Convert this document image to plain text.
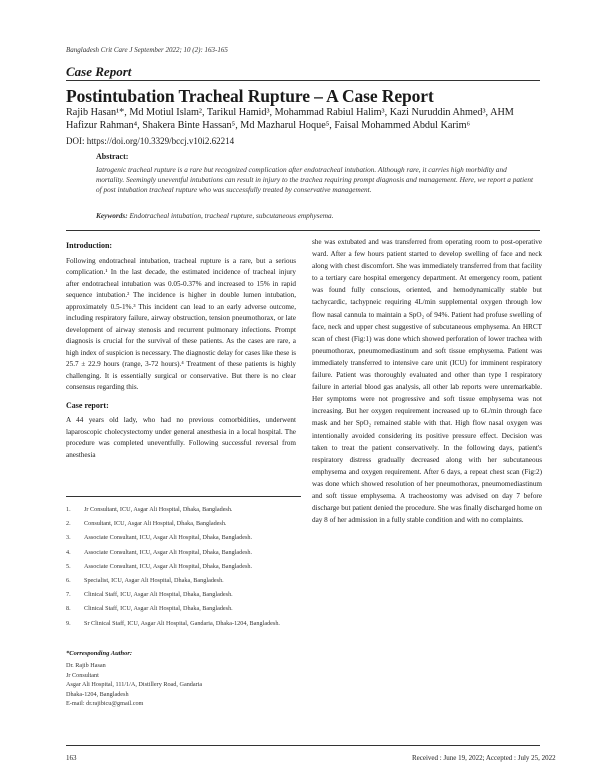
Bangladesh Crit Care J September 2022; 10 (2): 163-165
Case Report
Postintubation Tracheal Rupture – A Case Report
Rajib Hasan¹*, Md Motiul Islam², Tarikul Hamid³, Mohammad Rabiul Halim³, Kazi Nuruddin Ahmed³, AHM
Hafizur Rahman⁴, Shakera Binte Hassan⁵, Md Mazharul Hoque⁵, Faisal Mohammed Abdul Karim⁶
DOI: https://doi.org/10.3329/bccj.v10i2.62214
Abstract:
Iatrogenic tracheal rupture is a rare but recognized complication after endotracheal intubation. Although rare, it carries high morbidity and mortality. Seemingly uneventful intubations can result in injury to the trachea requiring prompt diagnosis and management. Here, we report a patient of post intubation tracheal rupture who was successfully treated by conservative management.
Keywords: Endotracheal intubation, tracheal rupture, subcutaneous emphysema.
Introduction:
Following endotracheal intubation, tracheal rupture is a rare, but a serious complication.¹ In the last decade, the estimated incidence of tracheal injury after endotracheal intubation was 0.05-0.37% and increased to 15% in rapid sequence intubation.² The incidence is higher in double lumen intubation, approximately 0.5-1%.³ This incident can lead to an early adverse outcome, including respiratory failure, airway obstruction, tension pneumothorax, or late development of airway stenosis and recurrent pulmonary infections. Prompt diagnosis is crucial for the survival of these patients. As the cases are rare, a high index of suspicion is necessary. The diagnostic delay for cases like these is 25.7 ± 22.9 hours (range, 3-72 hours).⁴ Treatment of these patients is highly challenging. It is essentially surgical or conservative. But there is no clear consensus regarding this.
Case report:
A 44 years old lady, who had no previous comorbidities, underwent laparoscopic cholecystectomy under general anesthesia in a local hospital. The procedure was completed uneventfully. Following successful reversal from anesthesia
she was extubated and was transferred from operating room to post-operative ward. After a few hours patient started to develop swelling of face and neck along with chest discomfort. She was immediately transferred from that facility to a tertiary care hospital emergency department. At emergency room, patient was found fully conscious, oriented, and hemodynamically stable but tachycardic, tachypneic requiring 4L/min supplemental oxygen through low flow nasal cannula to maintain a SpO₂ of 94%. Patient had profuse swelling of face, neck and upper chest suggestive of subcutaneous emphysema. An HRCT scan of chest (Fig:1) was done which showed perforation of lower trachea with pneumothorax, pneumomediastinum and soft tissue emphysema. Patient was immediately transferred to intensive care unit (ICU) for imminent respiratory failure. Patient was thoroughly evaluated and other than type I respiratory failure in arterial blood gas analysis, all other lab reports were unremarkable. Her symptoms were not progressive and soft tissue emphysema was not increasing. But her oxygen requirement increased up to 6L/min through face mask and her SpO₂ remained stable with that. High flow nasal oxygen was intentionally avoided considering its positive pressure effect. Decision was taken to treat the patient conservatively. In the following days, patient's respiratory distress gradually decreased along with her subcutaneous emphysema and oxygen requirement. After 6 days, a repeat chest scan (Fig:2) was done which showed resolution of her pneumothorax, pneumomediastinum and soft tissue emphysema. A tracheostomy was advised on day 7 before discharge but patient denied the procedure. She was finally discharged home on day 8 of her admission in a fully stable condition and with no complaints.
1.	Jr Consultant, ICU, Asgar Ali Hospital, Dhaka, Bangladesh.
2.	Consultant, ICU, Asgar Ali Hospital, Dhaka, Bangladesh.
3.	Associate Consultant, ICU, Asgar Ali Hospital, Dhaka, Bangladesh.
4.	Associate Consultant, ICU, Asgar Ali Hospital, Dhaka, Bangladesh.
5.	Associate Consultant, ICU, Asgar Ali Hospital, Dhaka, Bangladesh.
6.	Specialist, ICU, Asgar Ali Hospital, Dhaka, Bangladesh.
7.	Clinical Staff, ICU, Asgar Ali Hospital, Dhaka, Bangladesh.
8.	Clinical Staff, ICU, Asgar Ali Hospital, Dhaka, Bangladesh.
9.	Sr Clinical Staff, ICU, Asgar Ali Hospital, Gandaria, Dhaka-1204, Bangladesh.
*Corresponding Author:
Dr. Rajib Hasan
Jr Consultant
Asgar Ali Hospital, 111/1/A, Distillery Road, Gandaria
Dhaka-1204, Bangladesh
E-mail: dr.rajibicu@gmail.com
163	Received : June 19, 2022; Accepted : July 25, 2022
